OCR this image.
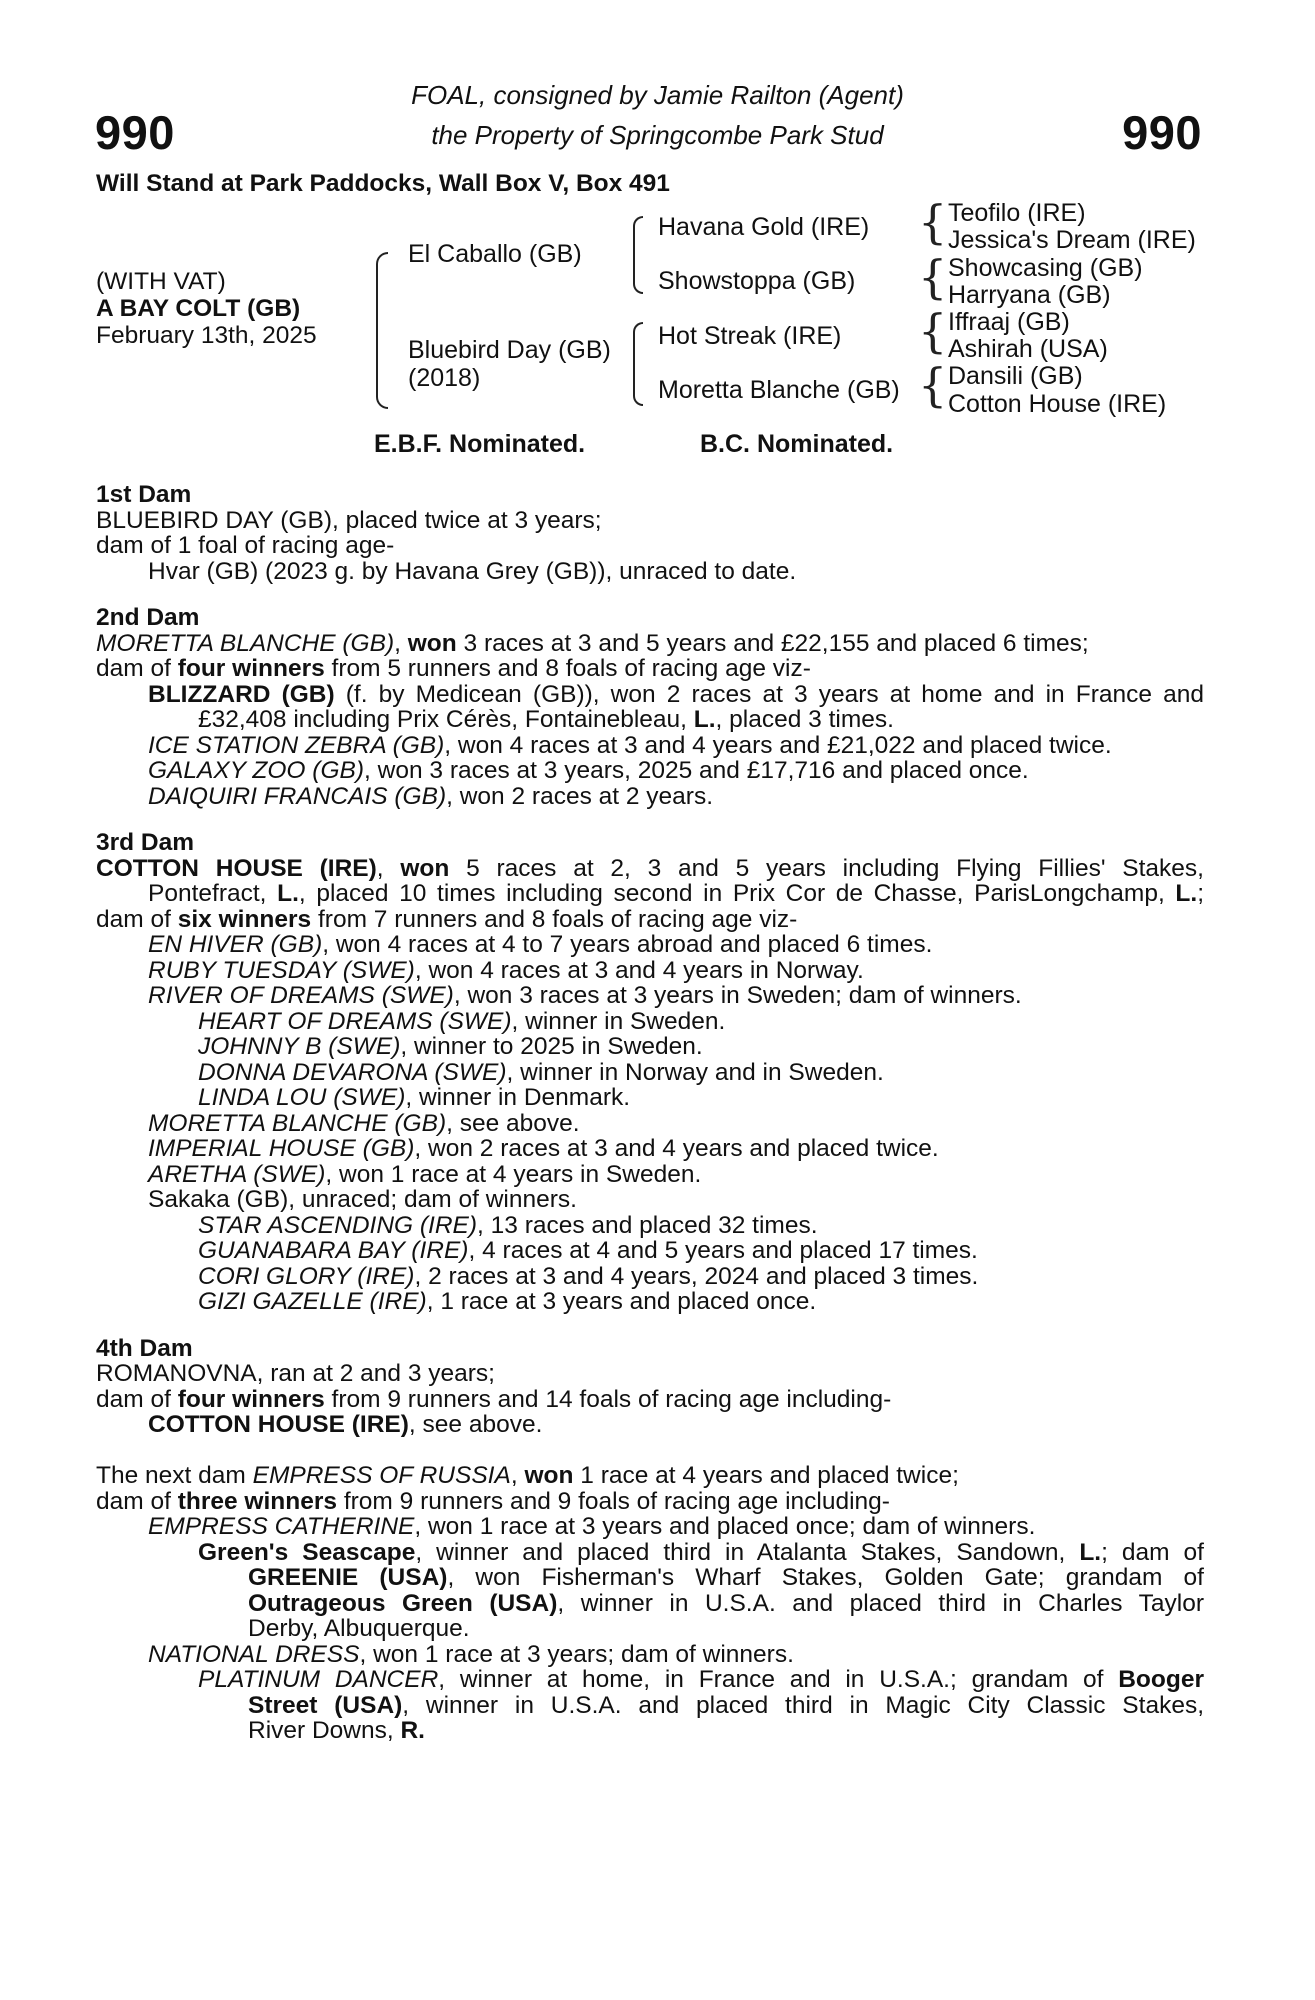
990	990
FOAL, consigned by Jamie Railton (Agent)
the Property of Springcombe Park Stud
Will Stand at Park Paddocks, Wall Box V, Box 491
(WITH VAT)
A BAY COLT (GB)
February 13th, 2025
El Caballo (GB)
Bluebird Day (GB)
(2018)
Havana Gold (IRE)
Showstoppa (GB)
Hot Streak (IRE)
Moretta Blanche (GB)
{
{
{
{
Teofilo (IRE)
Jessica's Dream (IRE)
Showcasing (GB)
Harryana (GB)
Iffraaj (GB)
Ashirah (USA)
Dansili (GB)
Cotton House (IRE)
E.B.F. Nominated.	B.C. Nominated.
1st Dam
BLUEBIRD DAY (GB), placed twice at 3 years;
dam of 1 foal of racing age-
Hvar (GB) (2023 g. by Havana Grey (GB)), unraced to date.
2nd Dam
MORETTA BLANCHE (GB), won 3 races at 3 and 5 years and £22,155 and placed 6 times;
dam of four winners from 5 runners and 8 foals of racing age viz-
BLIZZARD (GB) (f. by Medicean (GB)), won 2 races at 3 years at home and in France and
£32,408 including Prix Cérès, Fontainebleau, L., placed 3 times.
ICE STATION ZEBRA (GB), won 4 races at 3 and 4 years and £21,022 and placed twice.
GALAXY ZOO (GB), won 3 races at 3 years, 2025 and £17,716 and placed once.
DAIQUIRI FRANCAIS (GB), won 2 races at 2 years.
3rd Dam
COTTON HOUSE (IRE), won 5 races at 2, 3 and 5 years including Flying Fillies' Stakes,
Pontefract, L., placed 10 times including second in Prix Cor de Chasse, ParisLongchamp, L.;
dam of six winners from 7 runners and 8 foals of racing age viz-
EN HIVER (GB), won 4 races at 4 to 7 years abroad and placed 6 times.
RUBY TUESDAY (SWE), won 4 races at 3 and 4 years in Norway.
RIVER OF DREAMS (SWE), won 3 races at 3 years in Sweden; dam of winners.
HEART OF DREAMS (SWE), winner in Sweden.
JOHNNY B (SWE), winner to 2025 in Sweden.
DONNA DEVARONA (SWE), winner in Norway and in Sweden.
LINDA LOU (SWE), winner in Denmark.
MORETTA BLANCHE (GB), see above.
IMPERIAL HOUSE (GB), won 2 races at 3 and 4 years and placed twice.
ARETHA (SWE), won 1 race at 4 years in Sweden.
Sakaka (GB), unraced; dam of winners.
STAR ASCENDING (IRE), 13 races and placed 32 times.
GUANABARA BAY (IRE), 4 races at 4 and 5 years and placed 17 times.
CORI GLORY (IRE), 2 races at 3 and 4 years, 2024 and placed 3 times.
GIZI GAZELLE (IRE), 1 race at 3 years and placed once.
4th Dam
ROMANOVNA, ran at 2 and 3 years;
dam of four winners from 9 runners and 14 foals of racing age including-
COTTON HOUSE (IRE), see above.
The next dam EMPRESS OF RUSSIA, won 1 race at 4 years and placed twice;
dam of three winners from 9 runners and 9 foals of racing age including-
EMPRESS CATHERINE, won 1 race at 3 years and placed once; dam of winners.
Green's Seascape, winner and placed third in Atalanta Stakes, Sandown, L.; dam of
GREENIE (USA), won Fisherman's Wharf Stakes, Golden Gate; grandam of
Outrageous Green (USA), winner in U.S.A. and placed third in Charles Taylor
Derby, Albuquerque.
NATIONAL DRESS, won 1 race at 3 years; dam of winners.
PLATINUM DANCER, winner at home, in France and in U.S.A.; grandam of Booger
Street (USA), winner in U.S.A. and placed third in Magic City Classic Stakes,
River Downs, R.
